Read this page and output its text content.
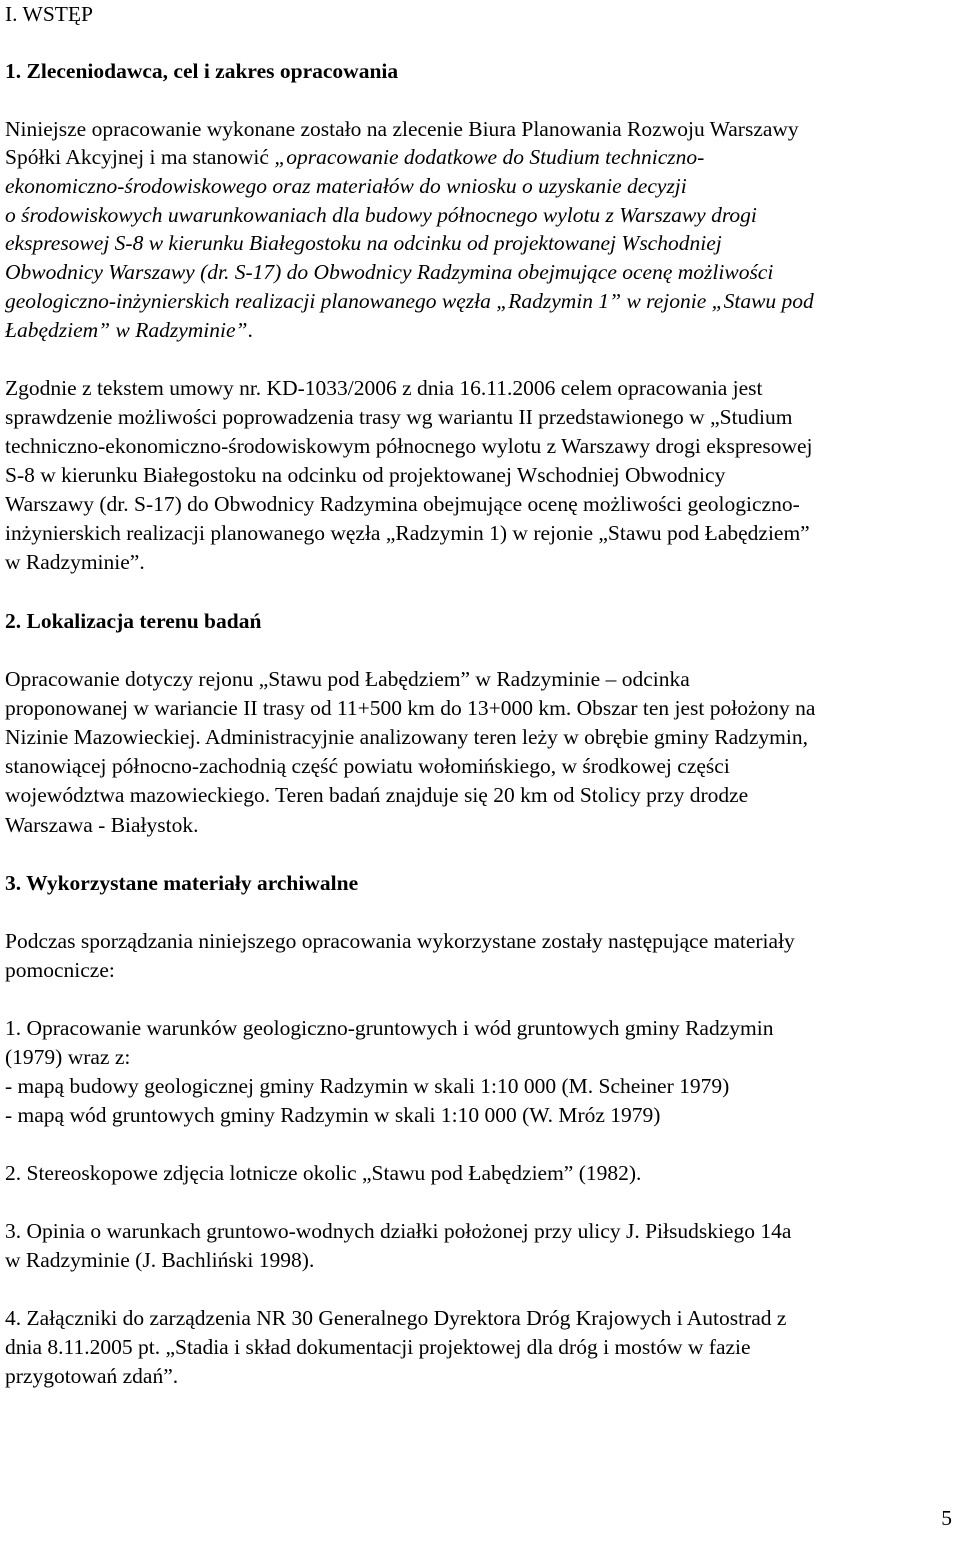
I. WSTĘP
1. Zleceniodawca, cel i zakres opracowania
Niniejsze opracowanie wykonane zostało na zlecenie Biura Planowania Rozwoju Warszawy
Spółki Akcyjnej i ma stanowić „opracowanie dodatkowe do Studium techniczno-
ekonomiczno-środowiskowego oraz materiałów do wniosku o uzyskanie decyzji
o środowiskowych uwarunkowaniach dla budowy północnego wylotu z Warszawy drogi
ekspresowej S-8 w kierunku Białegostoku na odcinku od projektowanej Wschodniej
Obwodnicy Warszawy (dr. S-17) do Obwodnicy Radzymina obejmujące ocenę możliwości
geologiczno-inżynierskich realizacji planowanego węzła „Radzymin 1” w rejonie „Stawu pod
Łabędziem” w Radzyminie”.
Zgodnie z tekstem umowy nr. KD-1033/2006 z dnia 16.11.2006 celem opracowania jest
sprawdzenie możliwości poprowadzenia trasy wg wariantu II przedstawionego w „Studium
techniczno-ekonomiczno-środowiskowym północnego wylotu z Warszawy drogi ekspresowej
S-8 w kierunku Białegostoku na odcinku od projektowanej Wschodniej Obwodnicy
Warszawy (dr. S-17) do Obwodnicy Radzymina obejmujące ocenę możliwości geologiczno-
inżynierskich realizacji planowanego węzła „Radzymin 1) w rejonie „Stawu pod Łabędziem”
w Radzyminie”.
2. Lokalizacja terenu badań
Opracowanie dotyczy rejonu „Stawu pod Łabędziem” w Radzyminie – odcinka
proponowanej w wariancie II trasy od 11+500 km do 13+000 km. Obszar ten jest położony na
Nizinie Mazowieckiej. Administracyjnie analizowany teren leży w obrębie gminy Radzymin,
stanowiącej północno-zachodnią część powiatu wołomińskiego, w środkowej części
województwa mazowieckiego. Teren badań znajduje się 20 km od Stolicy przy drodze
Warszawa - Białystok.
3. Wykorzystane materiały archiwalne
Podczas sporządzania niniejszego opracowania wykorzystane zostały następujące materiały
pomocnicze:
1. Opracowanie warunków geologiczno-gruntowych i wód gruntowych gminy Radzymin
(1979) wraz z:
- mapą budowy geologicznej gminy Radzymin w skali 1:10 000 (M. Scheiner 1979)
- mapą wód gruntowych gminy Radzymin w skali 1:10 000 (W. Mróz 1979)
2. Stereoskopowe zdjęcia lotnicze okolic „Stawu pod Łabędziem” (1982).
3. Opinia o warunkach gruntowo-wodnych działki położonej przy ulicy J. Piłsudskiego 14a
w Radzyminie (J. Bachliński 1998).
4. Załączniki do zarządzenia NR 30 Generalnego Dyrektora Dróg Krajowych i Autostrad z
dnia 8.11.2005 pt. „Stadia i skład dokumentacji projektowej dla dróg i mostów w fazie
przygotowań zdań”.
5
